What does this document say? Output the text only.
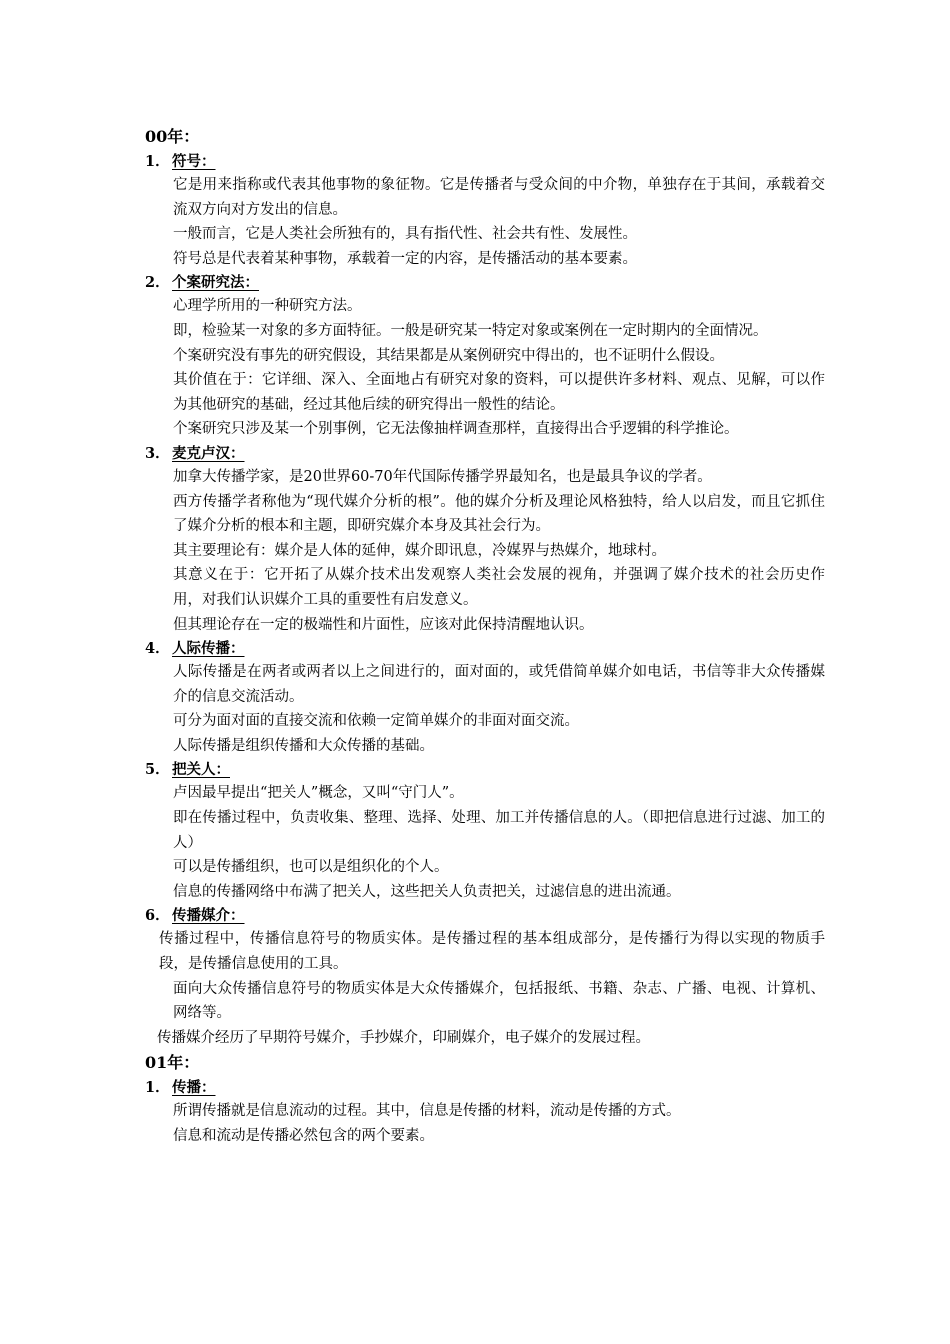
00年：
1． 符号：
它是用来指称或代表其他事物的象征物。它是传播者与受众间的中介物，单独存在于其间，承载着交流双方向对方发出的信息。
一般而言，它是人类社会所独有的，具有指代性、社会共有性、发展性。
符号总是代表着某种事物，承载着一定的内容，是传播活动的基本要素。
2． 个案研究法：
心理学所用的一种研究方法。
即，检验某一对象的多方面特征。一般是研究某一特定对象或案例在一定时期内的全面情况。
个案研究没有事先的研究假设，其结果都是从案例研究中得出的，也不证明什么假设。
其价值在于：它详细、深入、全面地占有研究对象的资料，可以提供许多材料、观点、见解，可以作为其他研究的基础，经过其他后续的研究得出一般性的结论。
个案研究只涉及某一个别事例，它无法像抽样调查那样，直接得出合乎逻辑的科学推论。
3． 麦克卢汉：
加拿大传播学家，是20世界60-70年代国际传播学界最知名，也是最具争议的学者。
西方传播学者称他为“现代媒介分析的根”。他的媒介分析及理论风格独特，给人以启发，而且它抓住了媒介分析的根本和主题，即研究媒介本身及其社会行为。
其主要理论有：媒介是人体的延伸，媒介即讯息，冷媒界与热媒介，地球村。
其意义在于：它开拓了从媒介技术出发观察人类社会发展的视角，并强调了媒介技术的社会历史作用，对我们认识媒介工具的重要性有启发意义。
但其理论存在一定的极端性和片面性，应该对此保持清醒地认识。
4． 人际传播：
人际传播是在两者或两者以上之间进行的，面对面的，或凭借简单媒介如电话，书信等非大众传播媒介的信息交流活动。
可分为面对面的直接交流和依赖一定简单媒介的非面对面交流。
人际传播是组织传播和大众传播的基础。
5． 把关人：
卢因最早提出“把关人”概念，又叫“守门人”。
即在传播过程中，负责收集、整理、选择、处理、加工并传播信息的人。（即把信息进行过滤、加工的人）
可以是传播组织，也可以是组织化的个人。
信息的传播网络中布满了把关人，这些把关人负责把关，过滤信息的进出流通。
6． 传播媒介：
传播过程中，传播信息符号的物质实体。是传播过程的基本组成部分，是传播行为得以实现的物质手段，是传播信息使用的工具。
面向大众传播信息符号的物质实体是大众传播媒介，包括报纸、书籍、杂志、广播、电视、计算机、网络等。
传播媒介经历了早期符号媒介，手抄媒介，印刷媒介，电子媒介的发展过程。
01年：
1． 传播：
所谓传播就是信息流动的过程。其中，信息是传播的材料，流动是传播的方式。
信息和流动是传播必然包含的两个要素。
